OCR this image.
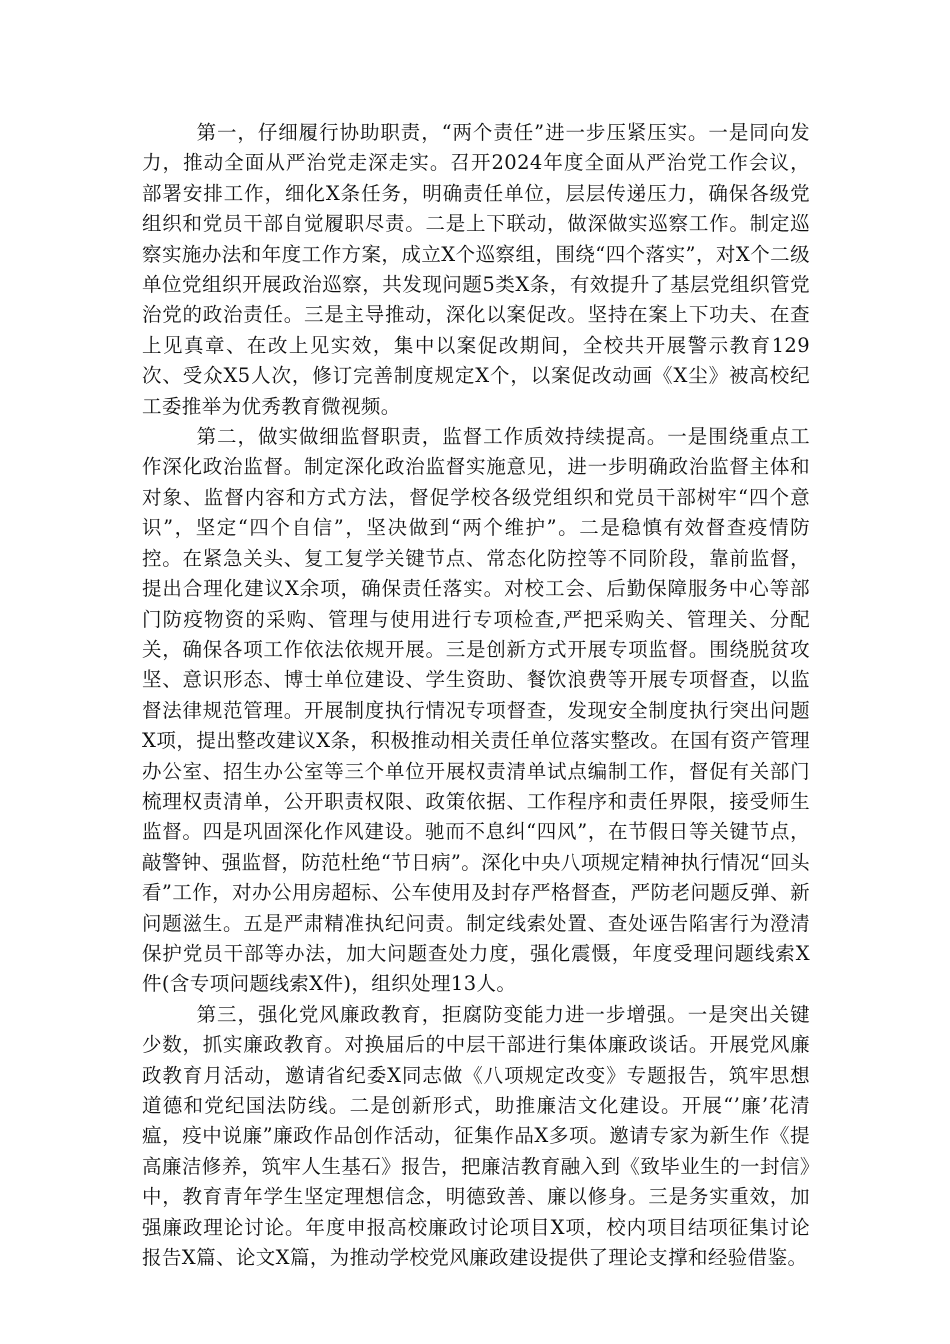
第一，仔细履行协助职责，“两个责任”进一步压紧压实。一是同向发力，推动全面从严治党走深走实。召开2024年度全面从严治党工作会议，部署安排工作，细化X条任务，明确责任单位，层层传递压力，确保各级党组织和党员干部自觉履职尽责。二是上下联动，做深做实巡察工作。制定巡察实施办法和年度工作方案，成立X个巡察组，围绕“四个落实”，对X个二级单位党组织开展政治巡察，共发现问题5类X条，有效提升了基层党组织管党治党的政治责任。三是主导推动，深化以案促改。坚持在案上下功夫、在查上见真章、在改上见实效，集中以案促改期间，全校共开展警示教育129次、受众X5人次，修订完善制度规定X个，以案促改动画《X尘》被高校纪工委推举为优秀教育微视频。

第二，做实做细监督职责，监督工作质效持续提高。一是围绕重点工作深化政治监督。制定深化政治监督实施意见，进一步明确政治监督主体和对象、监督内容和方式方法，督促学校各级党组织和党员干部树牢“四个意识”，坚定“四个自信”，坚决做到“两个维护”。二是稳慎有效督查疫情防控。在紧急关头、复工复学关键节点、常态化防控等不同阶段，靠前监督，提出合理化建议X余项，确保责任落实。对校工会、后勤保障服务中心等部门防疫物资的采购、管理与使用进行专项检查,严把采购关、管理关、分配关，确保各项工作依法依规开展。三是创新方式开展专项监督。围绕脱贫攻坚、意识形态、博士单位建设、学生资助、餐饮浪费等开展专项督查，以监督法律规范管理。开展制度执行情况专项督查，发现安全制度执行突出问题X项，提出整改建议X条，积极推动相关责任单位落实整改。在国有资产管理办公室、招生办公室等三个单位开展权责清单试点编制工作，督促有关部门梳理权责清单，公开职责权限、政策依据、工作程序和责任界限，接受师生监督。四是巩固深化作风建设。驰而不息纠“四风”，在节假日等关键节点，敲警钟、强监督，防范杜绝“节日病”。深化中央八项规定精神执行情况“回头看”工作，对办公用房超标、公车使用及封存严格督查，严防老问题反弹、新问题滋生。五是严肃精准执纪问责。制定线索处置、查处诬告陷害行为澄清保护党员干部等办法，加大问题查处力度，强化震慑，年度受理问题线索X件(含专项问题线索X件)，组织处理13人。

第三，强化党风廉政教育，拒腐防变能力进一步增强。一是突出关键少数，抓实廉政教育。对换届后的中层干部进行集体廉政谈话。开展党风廉政教育月活动，邀请省纪委X同志做《八项规定改变》专题报告，筑牢思想道德和党纪国法防线。二是创新形式，助推廉洁文化建设。开展“’廉’花清瘟，疫中说廉”廉政作品创作活动，征集作品X多项。邀请专家为新生作《提高廉洁修养，筑牢人生基石》报告，把廉洁教育融入到《致毕业生的一封信》中，教育青年学生坚定理想信念，明德致善、廉以修身。三是务实重效，加强廉政理论讨论。年度申报高校廉政讨论项目X项，校内项目结项征集讨论报告X篇、论文X篇，为推动学校党风廉政建设提供了理论支撑和经验借鉴。
